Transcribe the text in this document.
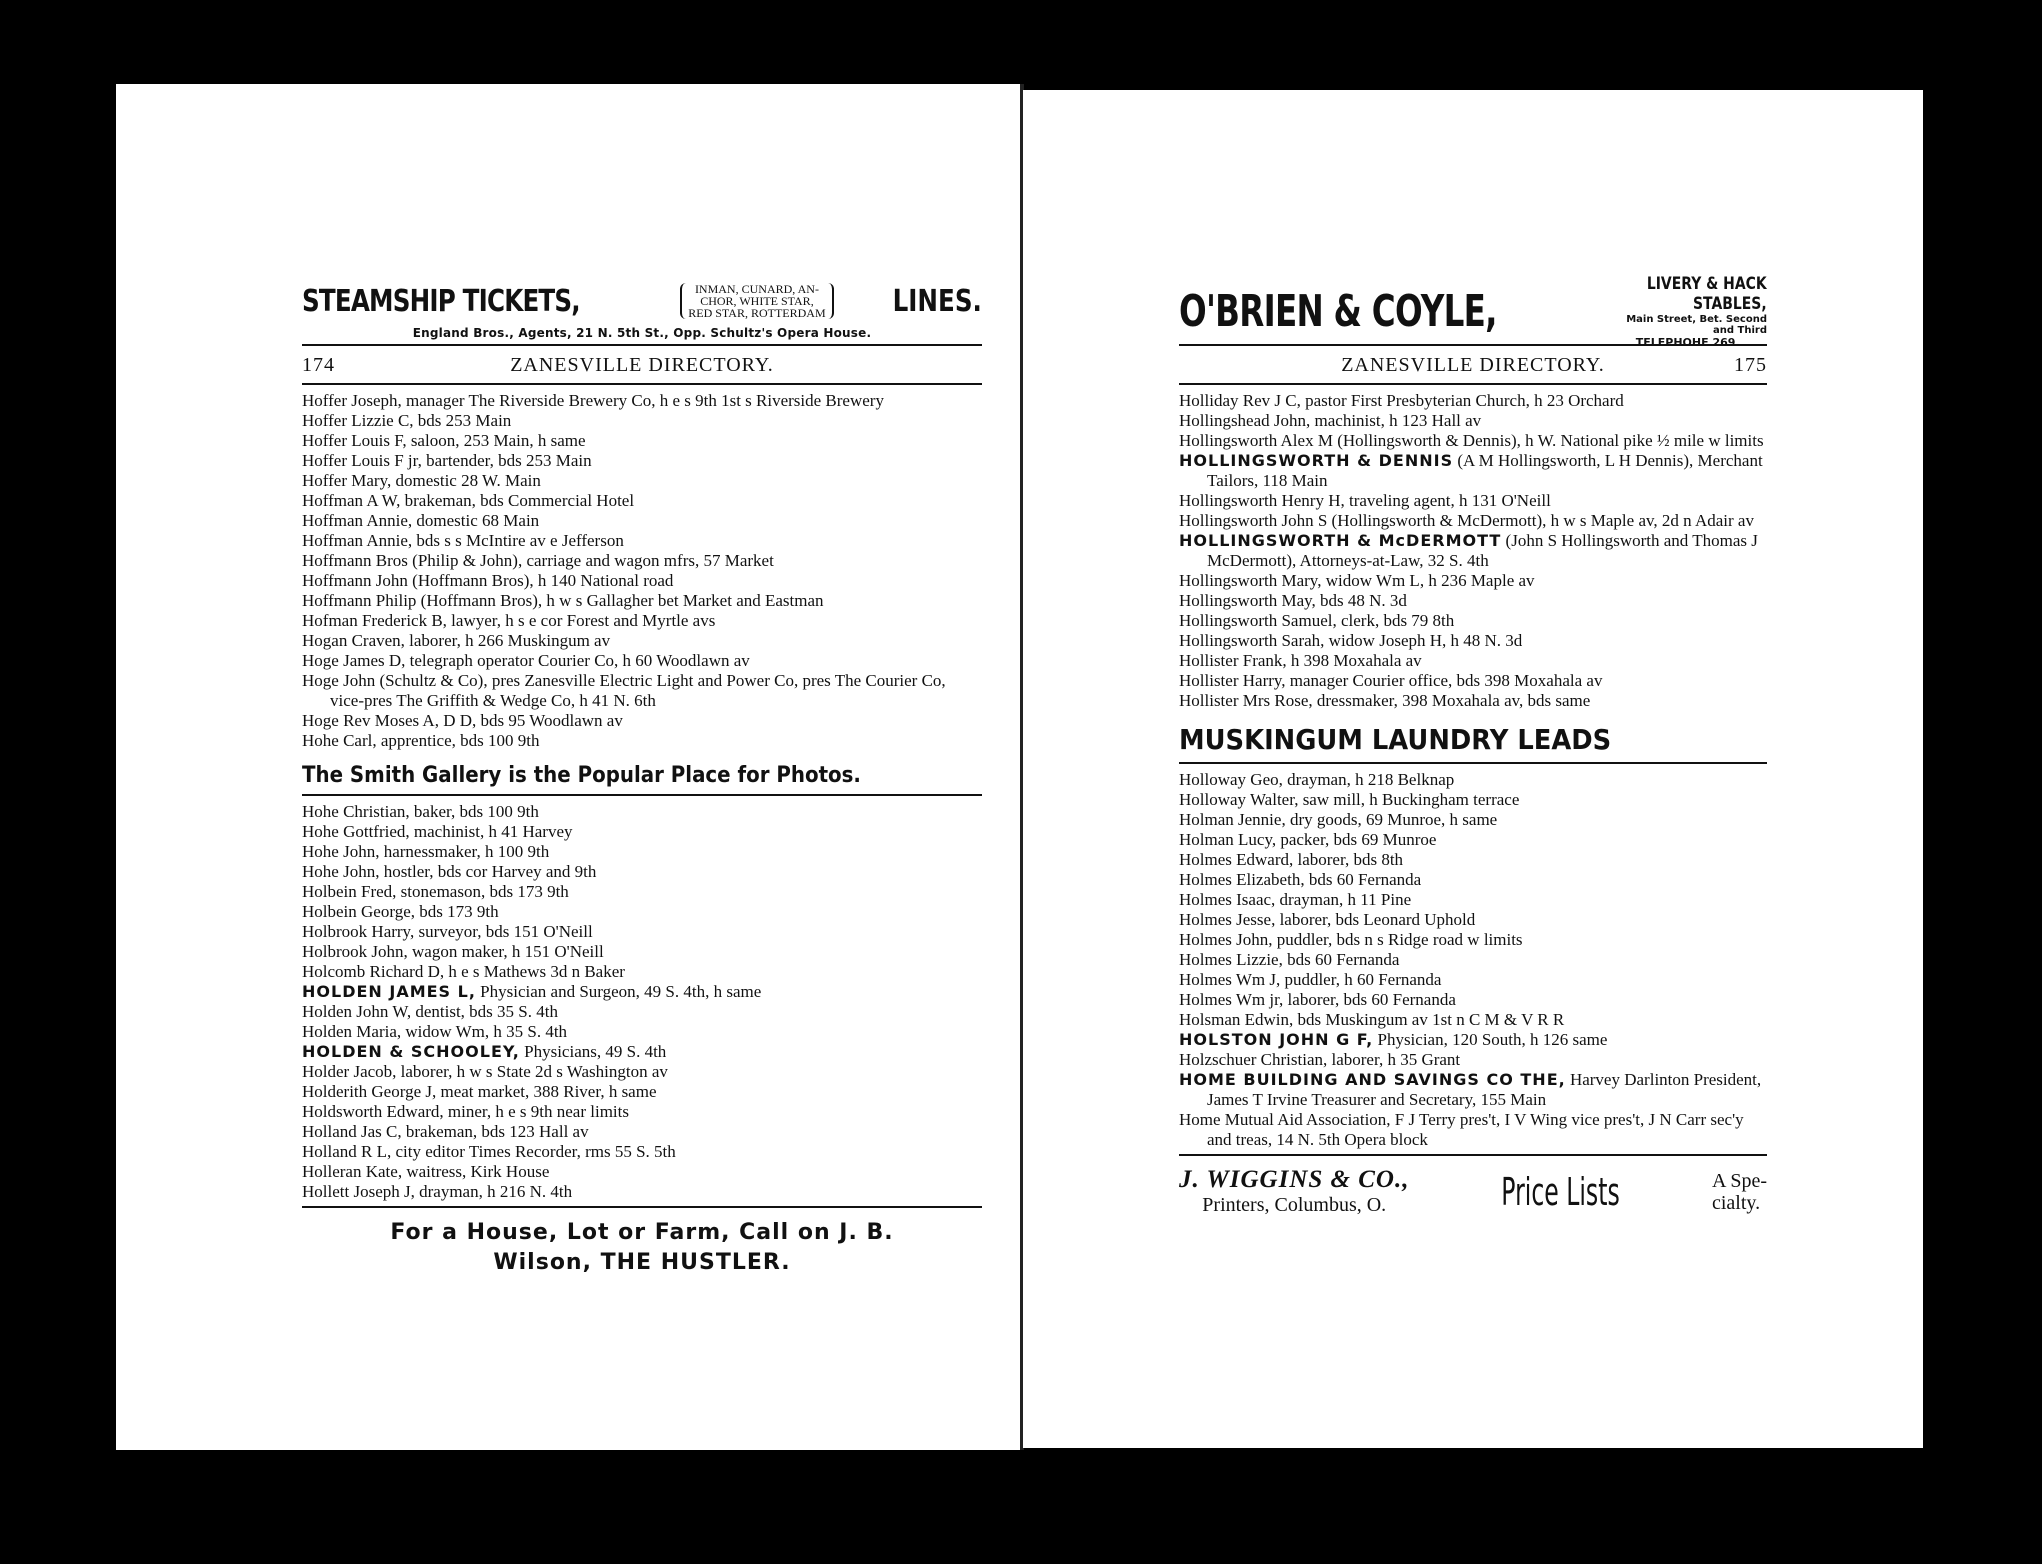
STEAMSHIP TICKETS,	INMAN, CUNARD, AN-
CHOR, WHITE STAR,
RED STAR, ROTTERDAM LINES.
England Bros., Agents, 21 N. 5th St., Opp. Schultz's Opera House.
174	ZANESVILLE DIRECTORY.
Hoffer Joseph, manager The Riverside Brewery Co, h e s 9th 1st s Riverside Brewery
Hoffer Lizzie C, bds 253 Main
Hoffer Louis F, saloon, 253 Main, h same
Hoffer Louis F jr, bartender, bds 253 Main
Hoffer Mary, domestic 28 W. Main
Hoffman A W, brakeman, bds Commercial Hotel
Hoffman Annie, domestic 68 Main
Hoffman Annie, bds s s McIntire av e Jefferson
Hoffmann Bros (Philip & John), carriage and wagon mfrs, 57 Market
Hoffmann John (Hoffmann Bros), h 140 National road
Hoffmann Philip (Hoffmann Bros), h w s Gallagher bet Market and Eastman
Hofman Frederick B, lawyer, h s e cor Forest and Myrtle avs
Hogan Craven, laborer, h 266 Muskingum av
Hoge James D, telegraph operator Courier Co, h 60 Woodlawn av
Hoge John (Schultz & Co), pres Zanesville Electric Light and Power Co, pres The Courier Co, vice-pres The Griffith & Wedge Co, h 41 N. 6th
Hoge Rev Moses A, D D, bds 95 Woodlawn av
Hohe Carl, apprentice, bds 100 9th
The Smith Gallery is the Popular Place for Photos.
Hohe Christian, baker, bds 100 9th
Hohe Gottfried, machinist, h 41 Harvey
Hohe John, harnessmaker, h 100 9th
Hohe John, hostler, bds cor Harvey and 9th
Holbein Fred, stonemason, bds 173 9th
Holbein George, bds 173 9th
Holbrook Harry, surveyor, bds 151 O'Neill
Holbrook John, wagon maker, h 151 O'Neill
Holcomb Richard D, h e s Mathews 3d n Baker
HOLDEN JAMES L, Physician and Surgeon, 49 S. 4th, h same
Holden John W, dentist, bds 35 S. 4th
Holden Maria, widow Wm, h 35 S. 4th
HOLDEN & SCHOOLEY, Physicians, 49 S. 4th
Holder Jacob, laborer, h w s State 2d s Washington av
Holderith George J, meat market, 388 River, h same
Holdsworth Edward, miner, h e s 9th near limits
Holland Jas C, brakeman, bds 123 Hall av
Holland R L, city editor Times Recorder, rms 55 S. 5th
Holleran Kate, waitress, Kirk House
Hollett Joseph J, drayman, h 216 N. 4th
For a House, Lot or Farm, Call on J. B.
Wilson, THE HUSTLER.
O'BRIEN & COYLE,
LIVERY & HACK STABLES,
Main Street, Bet. Second and Third
TELEPHOHE 269.
ZANESVILLE DIRECTORY.	175
Holliday Rev J C, pastor First Presbyterian Church, h 23 Orchard
Hollingshead John, machinist, h 123 Hall av
Hollingsworth Alex M (Hollingsworth & Dennis), h W. National pike ½ mile w limits
HOLLINGSWORTH & DENNIS (A M Hollingsworth, L H Dennis), Merchant Tailors, 118 Main
Hollingsworth Henry H, traveling agent, h 131 O'Neill
Hollingsworth John S (Hollingsworth & McDermott), h w s Maple av, 2d n Adair av
HOLLINGSWORTH & McDERMOTT (John S Hollingsworth and Thomas J McDermott), Attorneys-at-Law, 32 S. 4th
Hollingsworth Mary, widow Wm L, h 236 Maple av
Hollingsworth May, bds 48 N. 3d
Hollingsworth Samuel, clerk, bds 79 8th
Hollingsworth Sarah, widow Joseph H, h 48 N. 3d
Hollister Frank, h 398 Moxahala av
Hollister Harry, manager Courier office, bds 398 Moxahala av
Hollister Mrs Rose, dressmaker, 398 Moxahala av, bds same
MUSKINGUM LAUNDRY LEADS
Holloway Geo, drayman, h 218 Belknap
Holloway Walter, saw mill, h Buckingham terrace
Holman Jennie, dry goods, 69 Munroe, h same
Holman Lucy, packer, bds 69 Munroe
Holmes Edward, laborer, bds 8th
Holmes Elizabeth, bds 60 Fernanda
Holmes Isaac, drayman, h 11 Pine
Holmes Jesse, laborer, bds Leonard Uphold
Holmes John, puddler, bds n s Ridge road w limits
Holmes Lizzie, bds 60 Fernanda
Holmes Wm J, puddler, h 60 Fernanda
Holmes Wm jr, laborer, bds 60 Fernanda
Holsman Edwin, bds Muskingum av 1st n C M & V R R
HOLSTON JOHN G F, Physician, 120 South, h 126 same
Holzschuer Christian, laborer, h 35 Grant
HOME BUILDING AND SAVINGS CO THE, Harvey Darlinton President, James T Irvine Treasurer and Secretary, 155 Main
Home Mutual Aid Association, F J Terry pres't, I V Wing vice pres't, J N Carr sec'y and treas, 14 N. 5th Opera block
J. WIGGINS & CO.,
Printers, Columbus, O.	Price Lists	A Spe-
cialty.
